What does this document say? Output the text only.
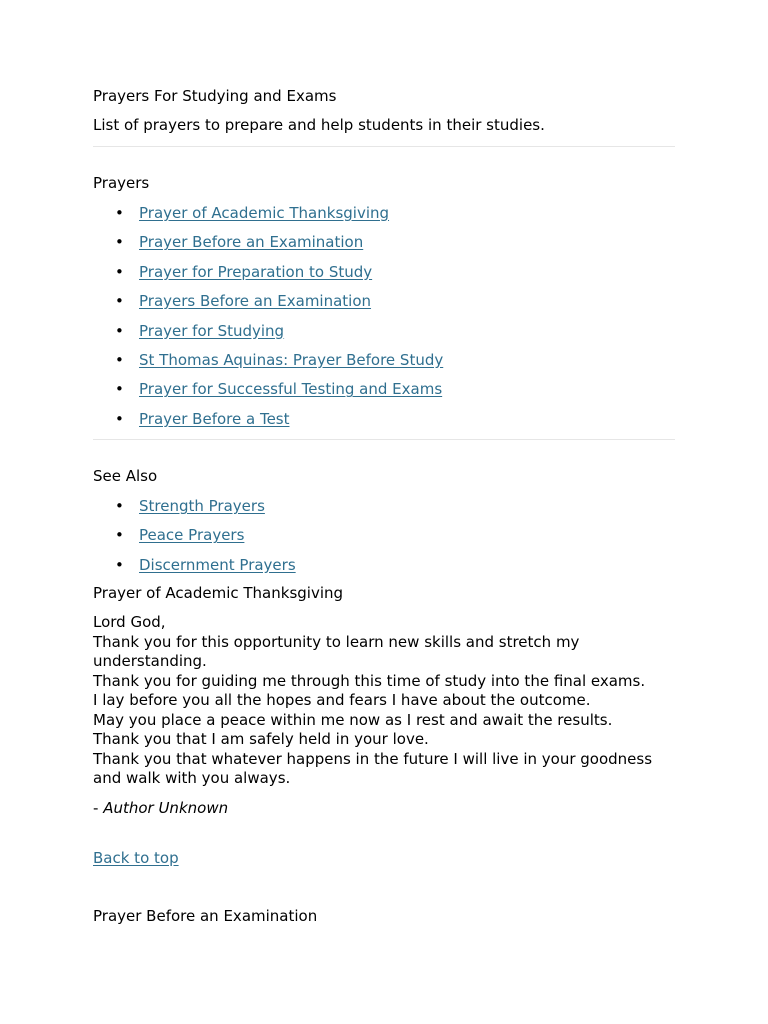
Prayers For Studying and Exams
List of prayers to prepare and help students in their studies.
Prayers
• Prayer of Academic Thanksgiving
• Prayer Before an Examination
• Prayer for Preparation to Study
• Prayers Before an Examination
• Prayer for Studying
• St Thomas Aquinas: Prayer Before Study
• Prayer for Successful Testing and Exams
• Prayer Before a Test
See Also
• Strength Prayers
• Peace Prayers
• Discernment Prayers
Prayer of Academic Thanksgiving
Lord God,
Thank you for this opportunity to learn new skills and stretch my understanding.
Thank you for guiding me through this time of study into the final exams.
I lay before you all the hopes and fears I have about the outcome.
May you place a peace within me now as I rest and await the results.
Thank you that I am safely held in your love.
Thank you that whatever happens in the future I will live in your goodness and walk with you always.
- Author Unknown
Back to top
Prayer Before an Examination
